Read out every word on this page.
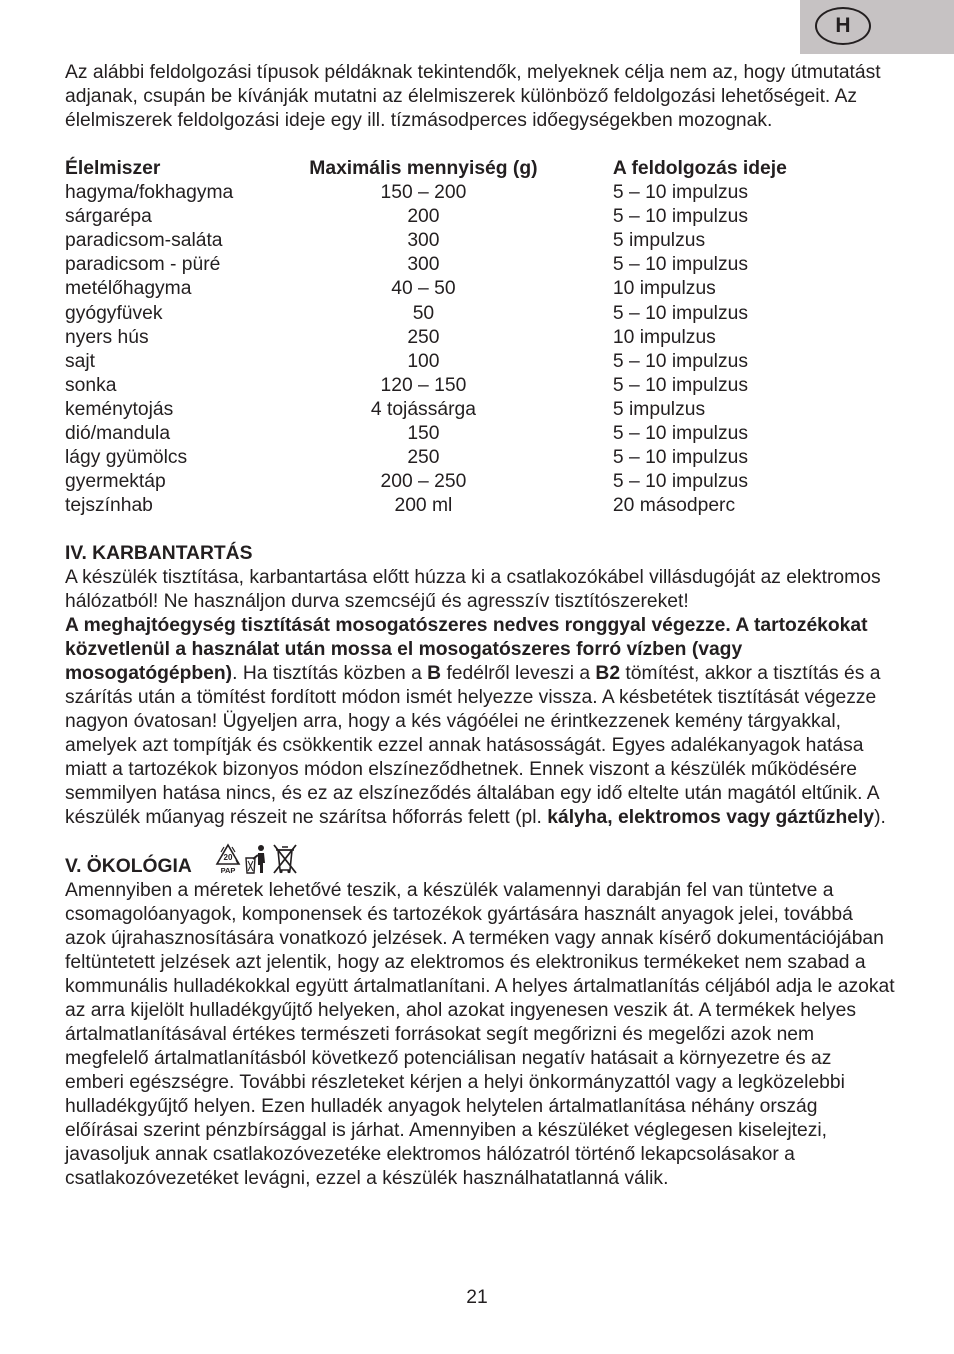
H

Az alábbi feldolgozási típusok példáknak tekintendők, melyeknek célja nem az, hogy útmutatást adjanak, csupán be kívánják mutatni az élelmiszerek különböző feldolgozási lehetőségeit. Az élelmiszerek feldolgozási ideje egy ill. tízmásodperces időegységekben mozognak.

Élelmiszer	Maximális mennyiség (g)	A feldolgozás ideje
hagyma/fokhagyma	150 – 200	5 – 10 impulzus
sárgarépa	200	5 – 10 impulzus
paradicsom-saláta	300	5 impulzus
paradicsom - püré	300	5 – 10 impulzus
metélőhagyma	40 – 50	10 impulzus
gyógyfüvek	50	5 – 10 impulzus
nyers hús	250	10 impulzus
sajt	100	5 – 10 impulzus
sonka	120 – 150	5 – 10 impulzus
keménytojás	4 tojássárga	5 impulzus
dió/mandula	150	5 – 10 impulzus
lágy gyümölcs	250	5 – 10 impulzus
gyermektáp	200 – 250	5 – 10 impulzus
tejszínhab	200 ml	20 másodperc

IV. KARBANTARTÁS

A készülék tisztítása, karbantartása előtt húzza ki a csatlakozókábel villásdugóját az elektromos hálózatból! Ne használjon durva szemcséjű és agresszív tisztítószereket!

A meghajtóegység tisztítását mosogatószeres nedves ronggyal végezze. A tartozékokat közvetlenül a használat után mossa el mosogatószeres forró vízben (vagy mosogatógépben). Ha tisztítás közben a B fedélről leveszi a B2 tömítést, akkor a tisztítás és a szárítás után a tömítést fordított módon ismét helyezze vissza. A késbetétek tisztítását végezze nagyon óvatosan! Ügyeljen arra, hogy a kés vágóélei ne érintkezzenek kemény tárgyakkal, amelyek azt tompítják és csökkentik ezzel annak hatásosságát. Egyes adalékanyagok hatása miatt a tartozékok bizonyos módon elszíneződhetnek. Ennek viszont a készülék működésére semmilyen hatása nincs, és ez az elszíneződés általában egy idő eltelte után magától eltűnik. A készülék műanyag részeit ne szárítsa hőforrás felett (pl. kályha, elektromos vagy gáztűzhely).

V. ÖKOLÓGIA	20
PAP

Amennyiben a méretek lehetővé teszik, a készülék valamennyi darabján fel van tüntetve a csomagolóanyagok, komponensek és tartozékok gyártására használt anyagok jelei, továbbá azok újrahasznosítására vonatkozó jelzések. A terméken vagy annak kísérő dokumentációjában feltüntetett jelzések azt jelentik, hogy az elektromos és elektronikus termékeket nem szabad a kommunális hulladékokkal együtt ártalmatlanítani. A helyes ártalmatlanítás céljából adja le azokat az arra kijelölt hulladékgyűjtő helyeken, ahol azokat ingyenesen veszik át. A termékek helyes ártalmatlanításával értékes természeti forrásokat segít megőrizni és megelőzi azok nem megfelelő ártalmatlanításból következő potenciálisan negatív hatásait a környezetre és az emberi egészségre. További részleteket kérjen a helyi önkormányzattól vagy a legközelebbi hulladékgyűjtő helyen. Ezen hulladék anyagok helytelen ártalmatlanítása néhány ország előírásai szerint pénzbírsággal is járhat. Amennyiben a készüléket véglegesen kiselejtezi, javasoljuk annak csatlakozóvezetéke elektromos hálózatról történő lekapcsolásakor a csatlakozóvezetéket levágni, ezzel a készülék használhatatlanná válik.

21
